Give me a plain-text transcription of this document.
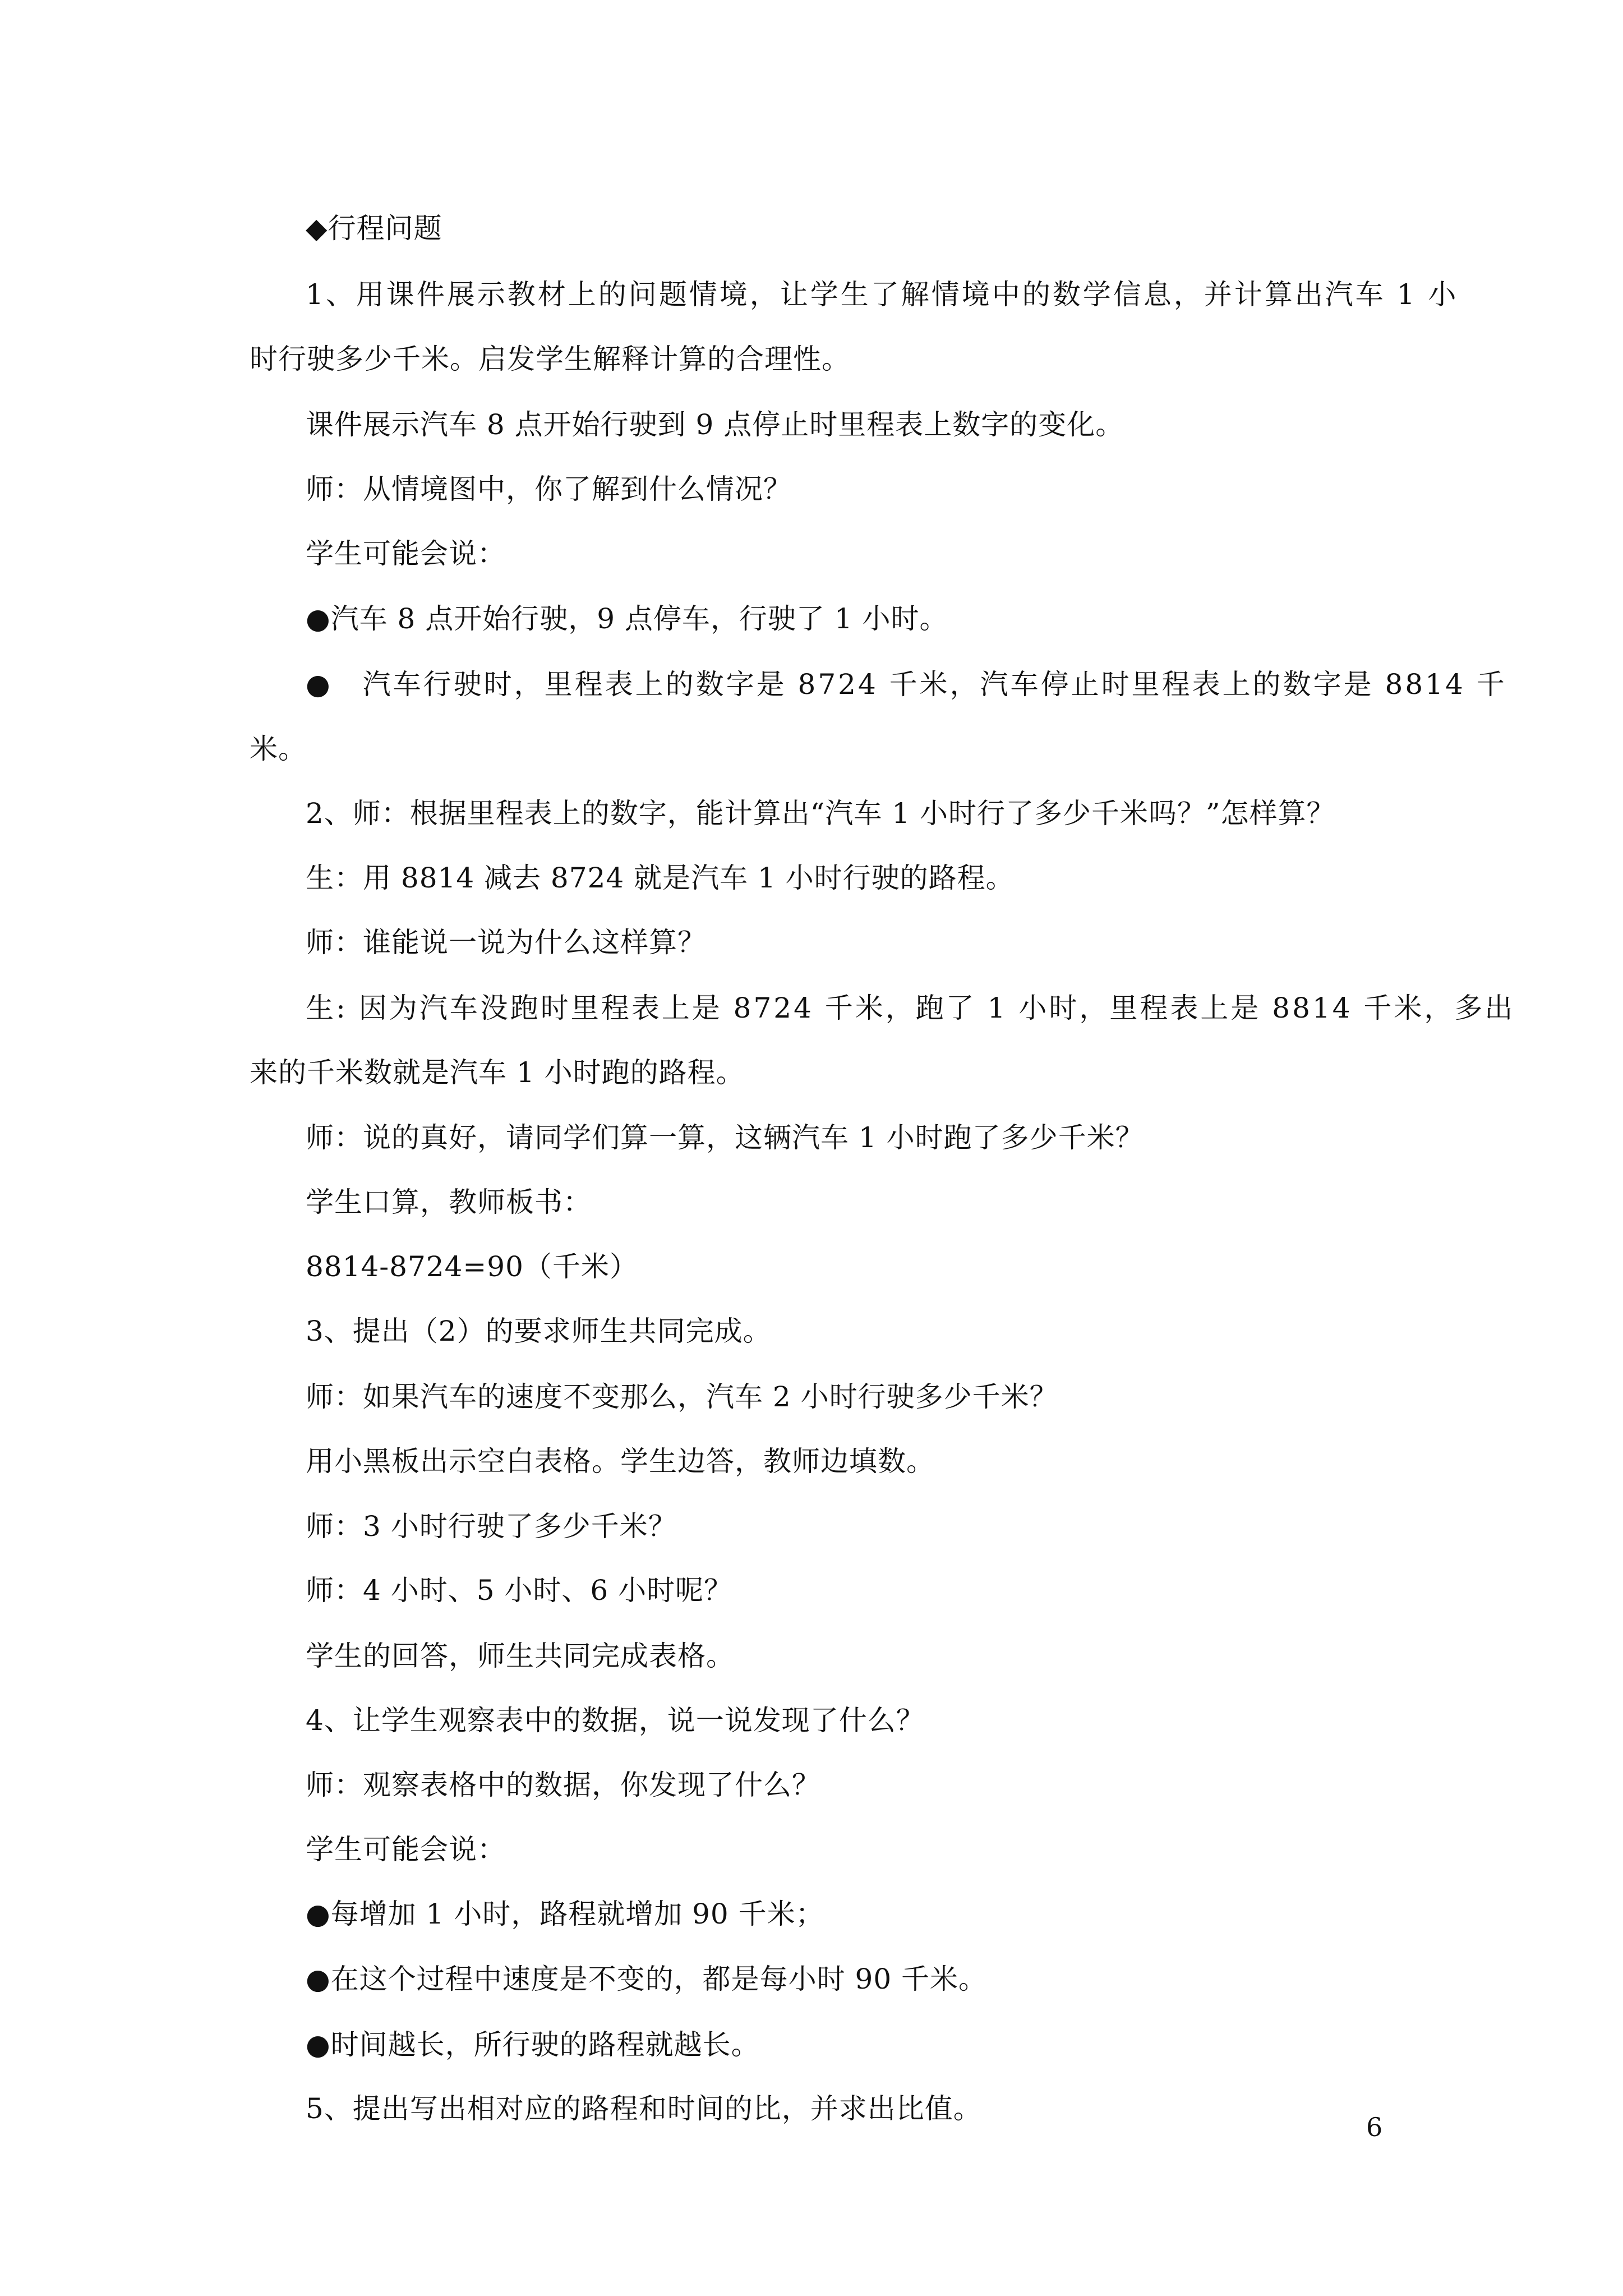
◆行程问题
1、用课件展示教材上的问题情境，让学生了解情境中的数学信息，并计算出汽车 1 小
时行驶多少千米。启发学生解释计算的合理性。
课件展示汽车 8 点开始行驶到 9 点停止时里程表上数字的变化。
师：从情境图中，你了解到什么情况？
学生可能会说：
●汽车 8 点开始行驶，9 点停车，行驶了 1 小时。
●　汽车行驶时，里程表上的数字是 8724 千米，汽车停止时里程表上的数字是 8814 千
米。
2、师：根据里程表上的数字，能计算出“汽车 1 小时行了多少千米吗？”怎样算？
生：用 8814 减去 8724 就是汽车 1 小时行驶的路程。
师：谁能说一说为什么这样算？
生: 因为汽车没跑时里程表上是 8724 千米，跑了 1 小时，里程表上是 8814 千米，多出
来的千米数就是汽车 1 小时跑的路程。
师：说的真好，请同学们算一算，这辆汽车 1 小时跑了多少千米？
学生口算，教师板书：
8814-8724=90（千米）
3、提出（2）的要求师生共同完成。
师：如果汽车的速度不变那么，汽车 2 小时行驶多少千米？
用小黑板出示空白表格。学生边答，教师边填数。
师：3 小时行驶了多少千米？
师：4 小时、5 小时、6 小时呢？
学生的回答，师生共同完成表格。
4、让学生观察表中的数据，说一说发现了什么？
师：观察表格中的数据，你发现了什么？
学生可能会说：
●每增加 1 小时，路程就增加 90 千米；
●在这个过程中速度是不变的，都是每小时 90 千米。
●时间越长，所行驶的路程就越长。
5、提出写出相对应的路程和时间的比，并求出比值。
6
